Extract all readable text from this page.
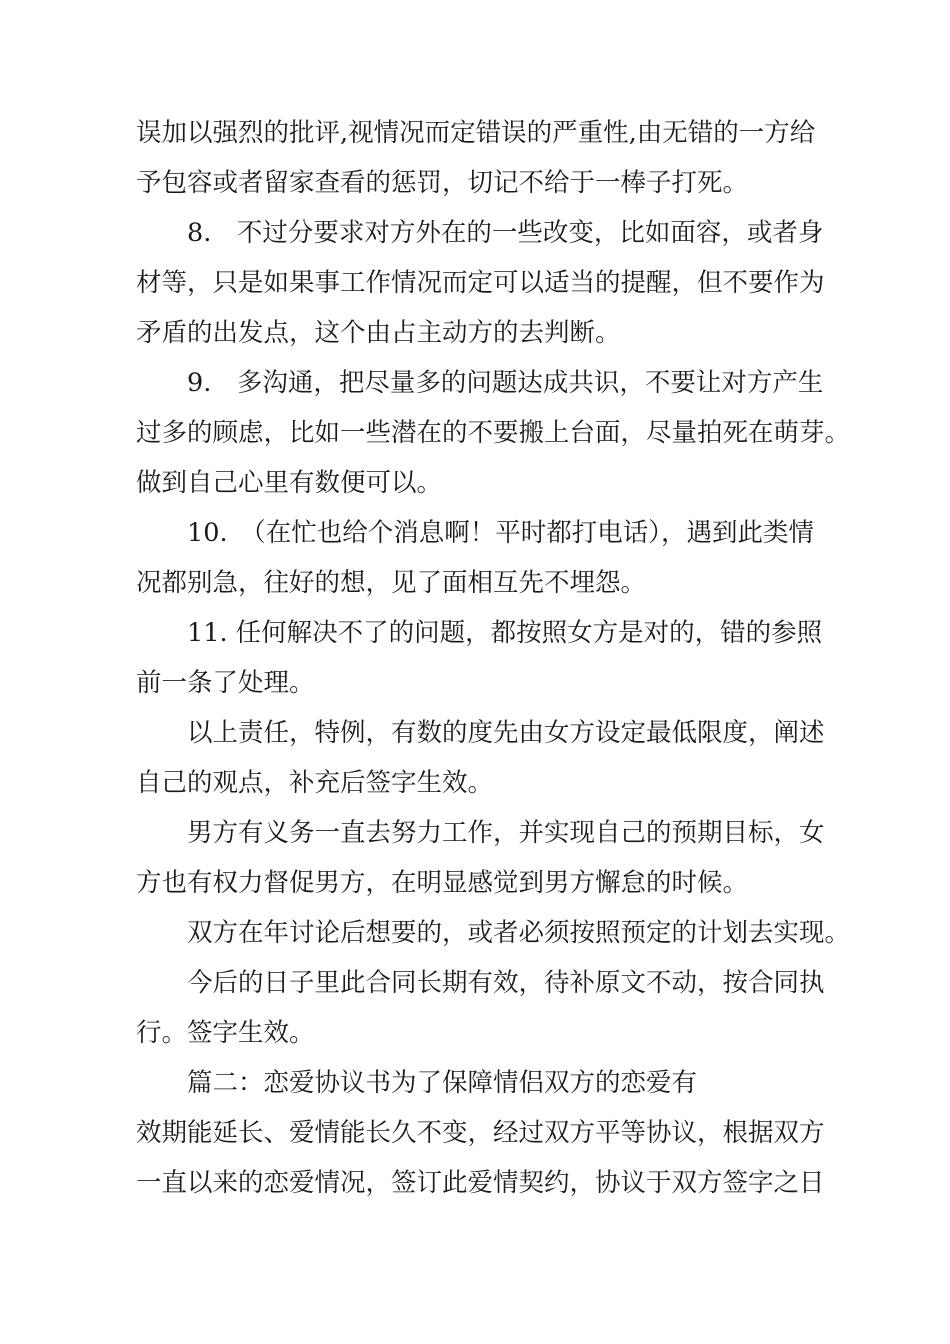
误加以强烈的批评,视情况而定错误的严重性,由无错的一方给
予包容或者留家查看的惩罚，切记不给于一棒子打死。
8.　不过分要求对方外在的一些改变，比如面容，或者身
材等，只是如果事工作情况而定可以适当的提醒，但不要作为
矛盾的出发点，这个由占主动方的去判断。
9.　多沟通，把尽量多的问题达成共识，不要让对方产生
过多的顾虑，比如一些潜在的不要搬上台面，尽量拍死在萌芽。
做到自己心里有数便可以。
10.　（在忙也给个消息啊！平时都打电话），遇到此类情
况都别急，往好的想，见了面相互先不埋怨。
11. 任何解决不了的问题，都按照女方是对的，错的参照
前一条了处理。
以上责任，特例，有数的度先由女方设定最低限度，阐述
自己的观点，补充后签字生效。
男方有义务一直去努力工作，并实现自己的预期目标，女
方也有权力督促男方，在明显感觉到男方懈怠的时候。
双方在年讨论后想要的，或者必须按照预定的计划去实现。
今后的日子里此合同长期有效，待补原文不动，按合同执
行。签字生效。
篇二：恋爱协议书为了保障情侣双方的恋爱有
效期能延长、爱情能长久不变，经过双方平等协议，根据双方
一直以来的恋爱情况，签订此爱情契约，协议于双方签字之日
